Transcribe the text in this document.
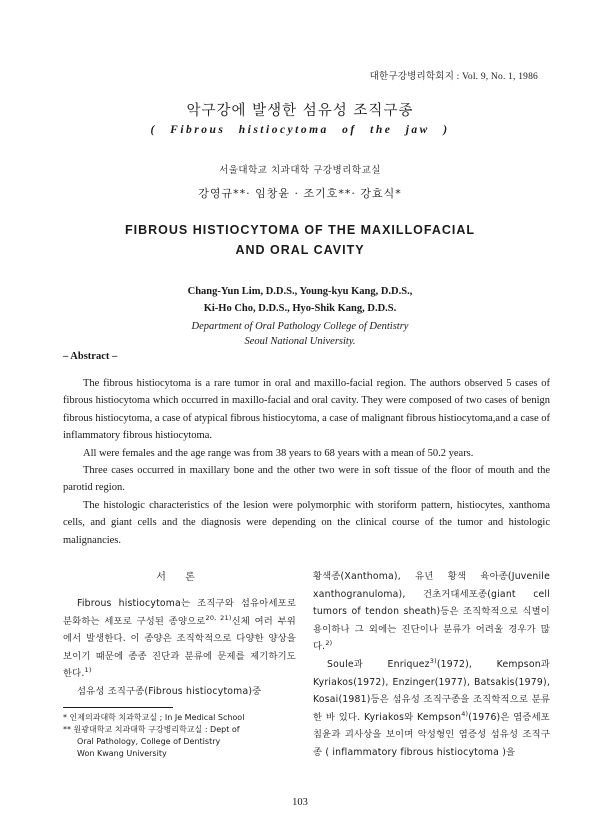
대한구강병리학회지 : Vol. 9, No. 1, 1986
악구강에 발생한 섬유성 조직구종
( Fibrous histiocytoma of the jaw )
서울대학교 치과대학 구강병리학교실
강영규**· 임창윤 · 조기호**· 강효식*
FIBROUS HISTIOCYTOMA OF THE MAXILLOFACIAL
AND ORAL CAVITY
Chang-Yun Lim, D.D.S., Young-kyu Kang, D.D.S.,
Ki-Ho Cho, D.D.S., Hyo-Shik Kang, D.D.S.
Department of Oral Pathology College of Dentistry
Seoul National University.
– Abstract –

The fibrous histiocytoma is a rare tumor in oral and maxillo-facial region. The authors observed 5 cases of fibrous histiocytoma which occurred in maxillo-facial and oral cavity. They were composed of two cases of benign fibrous histiocytoma, a case of atypical fibrous histiocytoma, a case of malignant fibrous histiocytoma,and a case of inflammatory fibrous histiocytoma.

All were females and the age range was from 38 years to 68 years with a mean of 50.2 years.

Three cases occurred in maxillary bone and the other two were in soft tissue of the floor of mouth and the parotid region.

The histologic characteristics of the lesion were polymorphic with storiform pattern, histiocytes, xanthoma cells, and giant cells and the diagnosis were depending on the clinical course of the tumor and histologic malignancies.

서 론

Fibrous histiocytoma는 조직구와 섬유아세포로 분화하는 세포로 구성된 종양으로$^{20, 21)}$신체 여러 부위에서 발생한다. 이 종양은 조직학적으로 다양한 양상을 보이기 때문에 종종 진단과 분류에 문제를 제기하기도 한다.$^{1)}$

섬유성 조직구종(Fibrous histiocytoma)중

* 인제의과대학 치과학교실 ; In Je Medical School
** 원광대학교 치과대학 구강병리학교실 : Dept of
Oral Pathology, College of Dentistry
Won Kwang University

황색종(Xanthoma), 유년 황색 육아종(Juvenile xanthogranuloma), 건초거대세포종(giant cell tumors of tendon sheath)등은 조직학적으로 식별이 용이하나 그 외에는 진단이나 분류가 어려울 경우가 많다.$^{2)}$

Soule과 Enriquez$^{3)}$(1972), Kempson과 Kyriakos(1972), Enzinger(1977), Batsakis(1979), Kosai(1981)등은 섬유성 조직구종을 조직학적으로 분류한 바 있다. Kyriakos와 Kempson$^{4)}$(1976)은 염증세포 침윤과 괴사상을 보이며 악성형인 염증성 섬유성 조직구종 ( inflammatory fibrous histiocytoma )을

103
